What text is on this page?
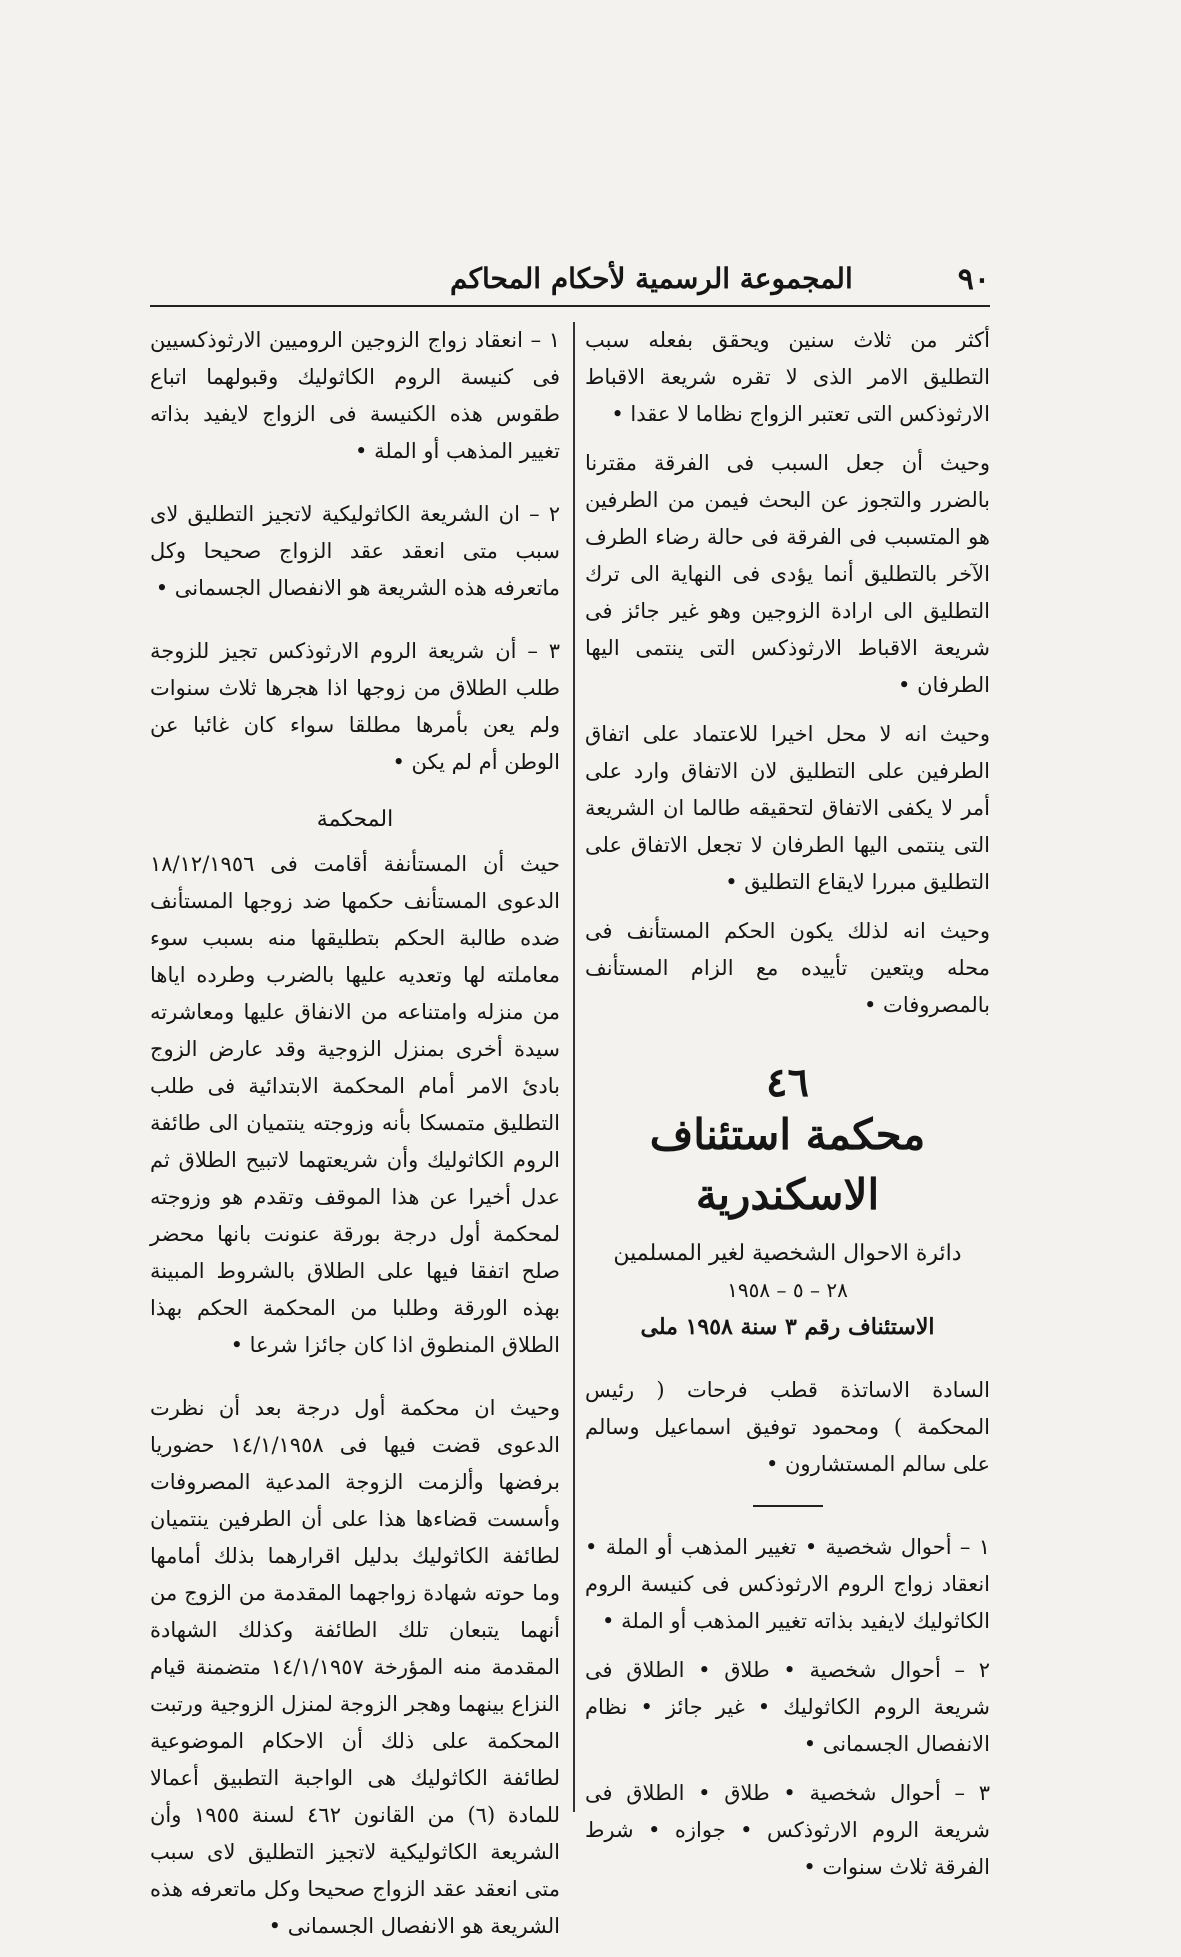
٩٠
المجموعة الرسمية لأحكام المحاكم

أكثر من ثلاث سنين ويحقق بفعله سبب التطليق الامر الذى لا تقره شريعة الاقباط الارثوذكس التى تعتبر الزواج نظاما لا عقدا •

وحيث أن جعل السبب فى الفرقة مقترنا بالضرر والتجوز عن البحث فيمن من الطرفين هو المتسبب فى الفرقة فى حالة رضاء الطرف الآخر بالتطليق أنما يؤدى فى النهاية الى ترك التطليق الى ارادة الزوجين وهو غير جائز فى شريعة الاقباط الارثوذكس التى ينتمى اليها الطرفان •

وحيث انه لا محل اخيرا للاعتماد على اتفاق الطرفين على التطليق لان الاتفاق وارد على أمر لا يكفى الاتفاق لتحقيقه طالما ان الشريعة التى ينتمى اليها الطرفان لا تجعل الاتفاق على التطليق مبررا لايقاع التطليق •

وحيث انه لذلك يكون الحكم المستأنف فى محله ويتعين تأييده مع الزام المستأنف بالمصروفات •

٤٦
محكمة استئناف الاسكندرية
دائرة الاحوال الشخصية لغير المسلمين
٢٨ – ٥ – ١٩٥٨
الاستئناف رقم ٣ سنة ١٩٥٨ ملى

السادة الاساتذة قطب فرحات ( رئيس المحكمة ) ومحمود توفيق اسماعيل وسالم على سالم المستشارون •

١ – أحوال شخصية • تغيير المذهب أو الملة • انعقاد زواج الروم الارثوذكس فى كنيسة الروم الكاثوليك لايفيد بذاته تغيير المذهب أو الملة •

٢ – أحوال شخصية • طلاق • الطلاق فى شريعة الروم الكاثوليك • غير جائز • نظام الانفصال الجسمانى •

٣ – أحوال شخصية • طلاق • الطلاق فى شريعة الروم الارثوذكس • جوازه • شرط الفرقة ثلاث سنوات •

١ – انعقاد زواج الزوجين الروميين الارثوذكسيين فى كنيسة الروم الكاثوليك وقبولهما اتباع طقوس هذه الكنيسة فى الزواج لايفيد بذاته تغيير المذهب أو الملة •

٢ – ان الشريعة الكاثوليكية لاتجيز التطليق لاى سبب متى انعقد عقد الزواج صحيحا وكل ماتعرفه هذه الشريعة هو الانفصال الجسمانى •

٣ – أن شريعة الروم الارثوذكس تجيز للزوجة طلب الطلاق من زوجها اذا هجرها ثلاث سنوات ولم يعن بأمرها مطلقا سواء كان غائبا عن الوطن أم لم يكن •

المحكمة

حيث أن المستأنفة أقامت فى ١٨/١٢/١٩٥٦ الدعوى المستأنف حكمها ضد زوجها المستأنف ضده طالبة الحكم بتطليقها منه بسبب سوء معاملته لها وتعديه عليها بالضرب وطرده اياها من منزله وامتناعه من الانفاق عليها ومعاشرته سيدة أخرى بمنزل الزوجية وقد عارض الزوج بادئ الامر أمام المحكمة الابتدائية فى طلب التطليق متمسكا بأنه وزوجته ينتميان الى طائفة الروم الكاثوليك وأن شريعتهما لاتبيح الطلاق ثم عدل أخيرا عن هذا الموقف وتقدم هو وزوجته لمحكمة أول درجة بورقة عنونت بانها محضر صلح اتفقا فيها على الطلاق بالشروط المبينة بهذه الورقة وطلبا من المحكمة الحكم بهذا الطلاق المنطوق اذا كان جائزا شرعا •

وحيث ان محكمة أول درجة بعد أن نظرت الدعوى قضت فيها فى ١٤/١/١٩٥٨ حضوريا برفضها وألزمت الزوجة المدعية المصروفات وأسست قضاءها هذا على أن الطرفين ينتميان لطائفة الكاثوليك بدليل اقرارهما بذلك أمامها وما حوته شهادة زواجهما المقدمة من الزوج من أنهما يتبعان تلك الطائفة وكذلك الشهادة المقدمة منه المؤرخة ١٤/١/١٩٥٧ متضمنة قيام النزاع بينهما وهجر الزوجة لمنزل الزوجية ورتبت المحكمة على ذلك أن الاحكام الموضوعية لطائفة الكاثوليك هى الواجبة التطبيق أعمالا للمادة (٦) من القانون ٤٦٢ لسنة ١٩٥٥ وأن الشريعة الكاثوليكية لاتجيز التطليق لاى سبب متى انعقد عقد الزواج صحيحا وكل ماتعرفه هذه الشريعة هو الانفصال الجسمانى •
